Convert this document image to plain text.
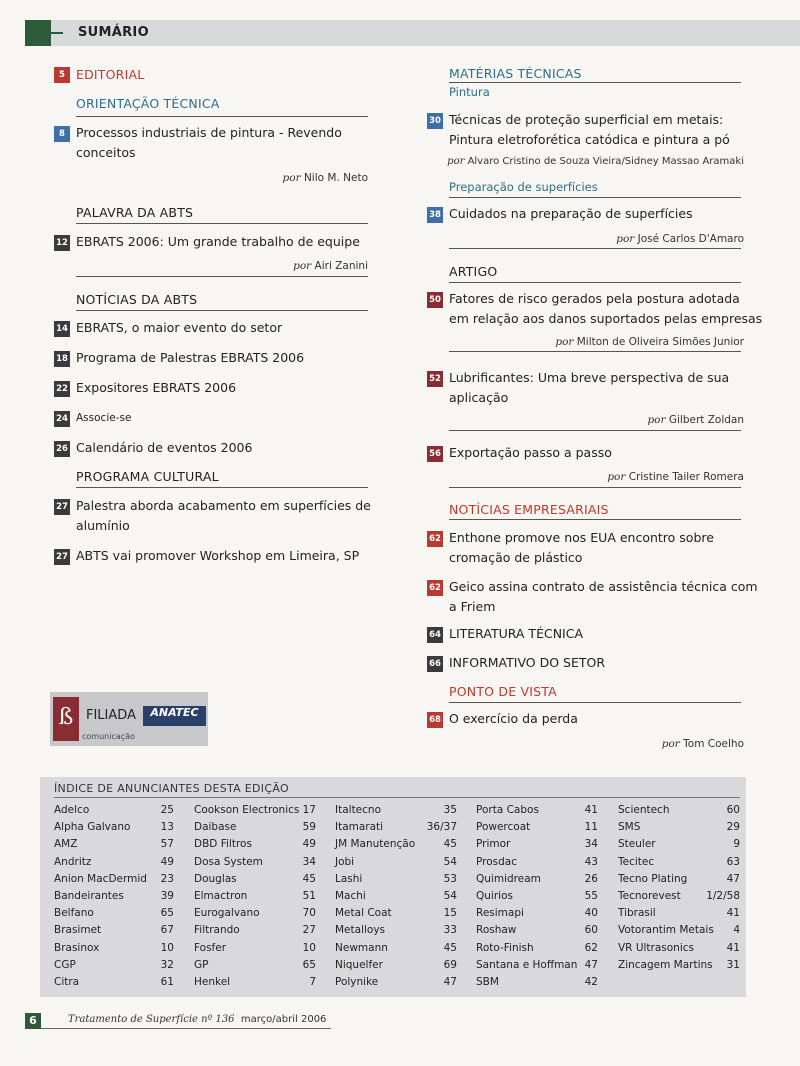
SUMÁRIO
5 EDITORIAL
ORIENTAÇÃO TÉCNICA
8 Processos industriais de pintura - Revendo
conceitos
por Nilo M. Neto
PALAVRA DA ABTS
12 EBRATS 2006: Um grande trabalho de equipe
por Airi Zanini
NOTÍCIAS DA ABTS
14 EBRATS, o maior evento do setor
18 Programa de Palestras EBRATS 2006
22 Expositores EBRATS 2006
24 Associe-se
26 Calendário de eventos 2006
PROGRAMA CULTURAL
27 Palestra aborda acabamento em superfícies de
alumínio
27 ABTS vai promover Workshop em Limeira, SP
ß FILIADA	ANATEC
comunicação
MATÉRIAS TÉCNICAS
Pintura
30 Técnicas de proteção superficial em metais:
Pintura eletroforética catódica e pintura a pó
por Alvaro Cristino de Souza Vieira/Sidney Massao Aramaki
Preparação de superfícies
38 Cuidados na preparação de superfícies
por José Carlos D'Amaro
ARTIGO
50 Fatores de risco gerados pela postura adotada
em relação aos danos suportados pelas empresas
por Milton de Oliveira Simões Junior
52 Lubrificantes: Uma breve perspectiva de sua
aplicação
por Gilbert Zoldan
56 Exportação passo a passo
por Cristine Tailer Romera
NOTÍCIAS EMPRESARIAIS
62 Enthone promove nos EUA encontro sobre
cromação de plástico
62 Geico assina contrato de assistência técnica com
a Friem
64 LITERATURA TÉCNICA
66 INFORMATIVO DO SETOR
PONTO DE VISTA
68 O exercício da perda
por Tom Coelho
ÍNDICE DE ANUNCIANTES DESTA EDIÇÃO
Adelco	25
Alpha Galvano	13
AMZ	57
Andritz	49
Anion MacDermid 23
Bandeirantes	39
Belfano	65
Brasimet	67
Brasinox	10
CGP	32
Citra	61
Cookson Electronics 17
Daibase	59
DBD Filtros	49
Dosa System	34
Douglas	45
Elmactron	51
Eurogalvano	70
Filtrando	27
Fosfer	10
GP	65
Henkel	7
Italtecno	35
Itamarati	36/37
JM Manutenção	45
Jobi	54
Lashi	53
Machi	54
Metal Coat	15
Metalloys	33
Newmann	45
Niquelfer	69
Polynike	47
Porta Cabos	41
Powercoat	11
Primor	34
Prosdac	43
Quimidream	26
Quirios	55
Resimapi	40
Roshaw	60
Roto-Finish	62
Santana e Hoffman 47
SBM	42
Scientech	60
SMS	29
Steuler	9
Tecitec	63
Tecno Plating	47
Tecnorevest 1/2/58
Tibrasil	41
Votorantim Metais 4
VR Ultrasonics	41
Zincagem Martins 31
6	Tratamento de Superfície nº 136 março/abril 2006
